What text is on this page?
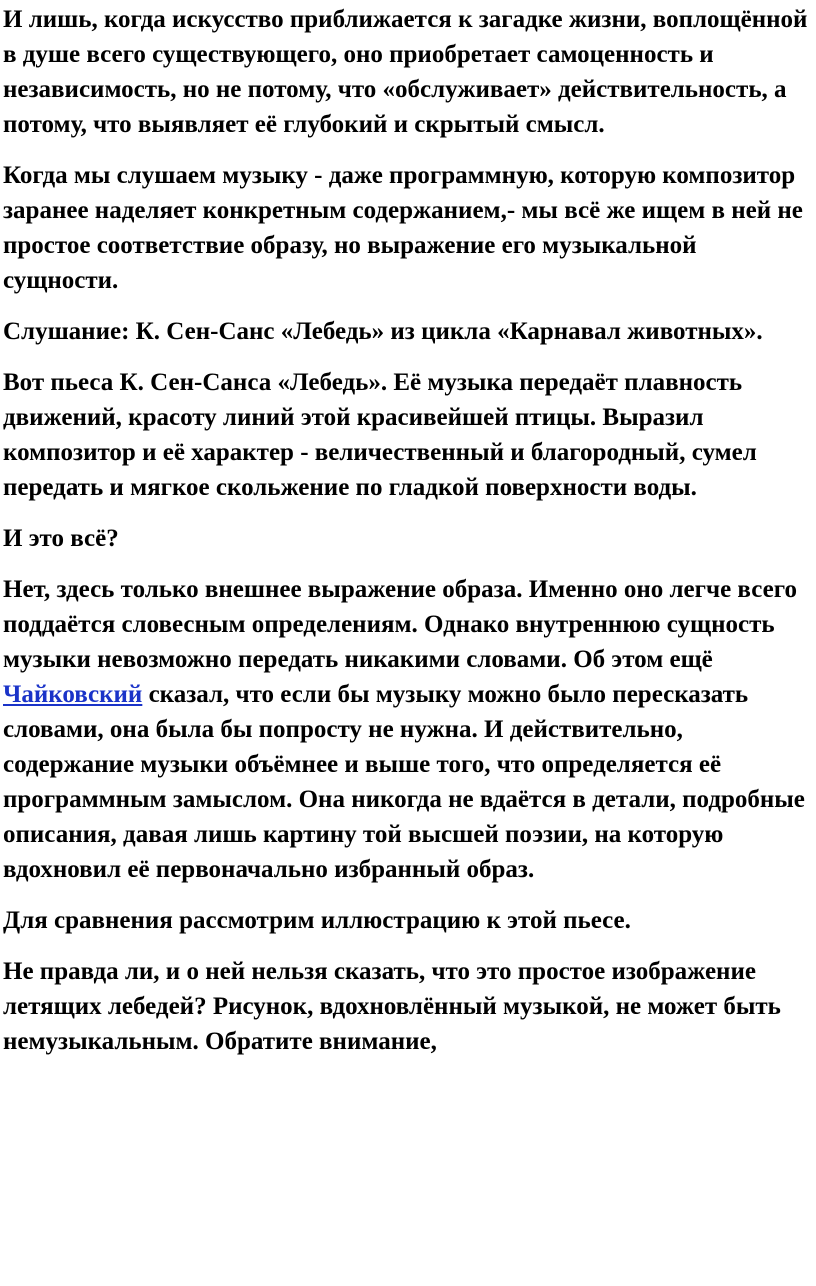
И лишь, когда искусство приближается к загадке жизни, воплощённой в душе всего существующего, оно приобретает самоценность и независимость, но не потому, что «обслуживает» действительность, а потому, что выявляет её глубокий и скрытый смысл.

Когда мы слушаем музыку - даже программную, которую композитор заранее наделяет конкретным содержанием,- мы всё же ищем в ней не простое соответствие образу, но выражение его музыкальной сущности.

Слушание: К. Сен-Санс «Лебедь» из цикла «Карнавал животных».

Вот пьеса К. Сен-Санса «Лебедь». Её музыка передаёт плавность движений, красоту линий этой красивейшей птицы. Выразил композитор и её характер - величественный и благородный, сумел передать и мягкое скольжение по гладкой поверхности воды.

И это всё?

Нет, здесь только внешнее выражение образа. Именно оно легче всего поддаётся словесным определениям. Однако внутреннюю сущность музыки невозможно передать никакими словами. Об этом ещё Чайковский сказал, что если бы музыку можно было пересказать словами, она была бы попросту не нужна. И действительно, содержание музыки объёмнее и выше того, что определяется её программным замыслом. Она никогда не вдаётся в детали, подробные описания, давая лишь картину той высшей поэзии, на которую вдохновил её первоначально избранный образ.

Для сравнения рассмотрим иллюстрацию к этой пьесе.

Не правда ли, и о ней нельзя сказать, что это простое изображение летящих лебедей? Рисунок, вдохновлённый музыкой, не может быть немузыкальным. Обратите внимание,
